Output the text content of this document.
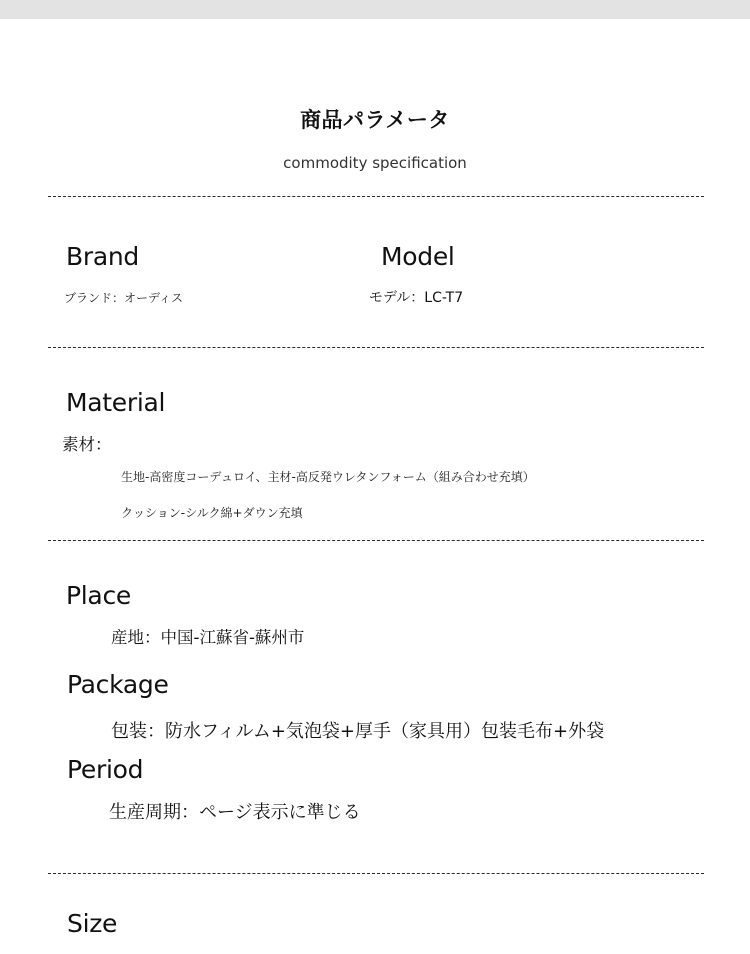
商品パラメータ
commodity specification
Brand
ブランド：オーディス
Model
モデル：LC-T7
Material
素材：
生地-高密度コーデュロイ、主材-高反発ウレタンフォーム（組み合わせ充填）
クッション-シルク綿+ダウン充填
Place
産地：中国-江蘇省-蘇州市
Package
包装：防水フィルム+気泡袋+厚手（家具用）包装毛布+外袋
Period
生産周期：ページ表示に準じる
Size
